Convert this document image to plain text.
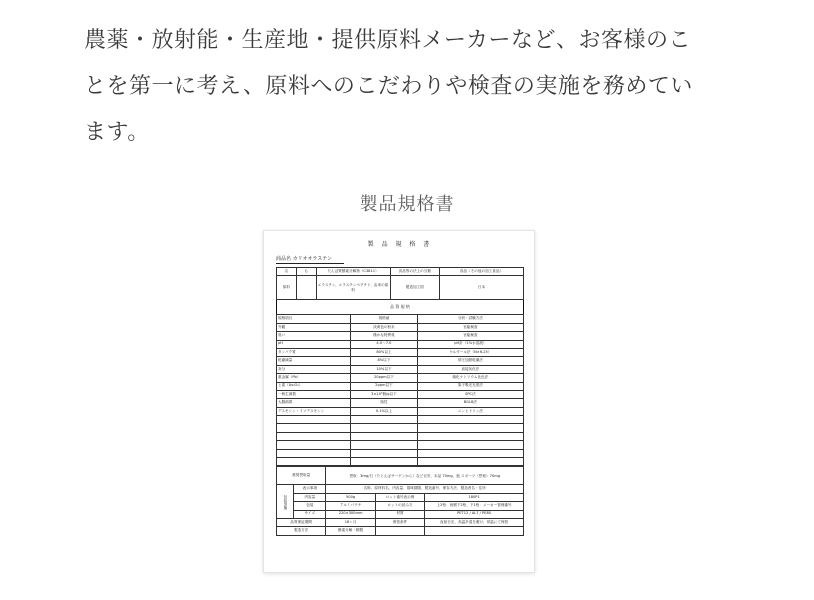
農薬・放射能・生産地・提供原料メーカーなど、お客様のこ

とを第一に考え、原料へのこだわりや検査の実施を務めてい

ます。

製品規格書
製 品 規 格 書
商品名 カリオオラステン
名	も	たんぱ質酵素分解物（C3811）	食品等の法上の分類	食品（その他の加工食品）
原料		エラスチン、エラスチンペプチド、由来の原料	製造加工国	日本
品 質 規 格
規格項目	規格値	分析・試験方法
外観	淡黄色の粉末	官能検査
臭い	僅かな特異臭	官能検査
pH	4.0〜7.0	pH計（1%水溶液）
タンパク質	80%以上	ケルダール法（N×6.25）
乾燥減量	8%以下	常圧加熱乾燥法
灰分	10%以下	直接灰化法
重金属（Pb）	20ppm以下	硫化ナトリウム比色法
ヒ素（As₂O₃）	2ppm以下	原子吸光光度法
一般生菌数	3×10³個/g以下	SPC法
大腸菌群	陰性	BGLB法
デスモシン・イソデスモシン	0.1%以上	ニンヒドリン法

推奨摂取量		摂取：3mg/日（たとえばサーゲンから）など目安、本品 70mg、他 スポーツ（摂取）70mg		
包装形態	表示事項	名称、原材料名、内容量、賞味期限、製造番号、保存方法、製造者名・住所		
	内容量	500g	ロット番号表示例	180P1
	包装	アルミパウチ	ロットの読み方	上2桁：西暦下2桁、下1桁：メーカー管理番号
	サイズ	220×300mm	材質	PET12 / AL7 / PE80
品質保証期間		18ヶ月	保管条件	直射日光、高温多湿を避け、常温にて保管
製造方法		酵素分解・精製		
